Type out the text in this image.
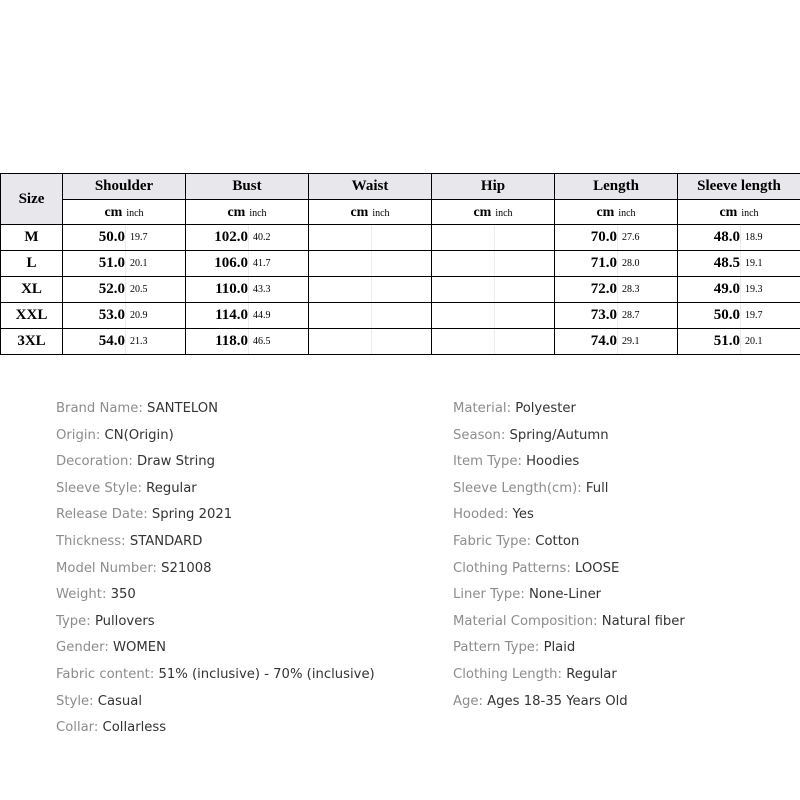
Size	Shoulder	Bust	Waist	Hip	Length	Sleeve length
	cm inch	cm inch	cm inch	cm inch	cm inch	cm inch
M	50.0 19.7	102.0 40.2			70.0 27.6	48.0 18.9

L	51.0 20.1	106.0 41.7			71.0 28.0	48.5 19.1

XL	52.0 20.5	110.0 43.3			72.0 28.3	49.0 19.3

XXL	53.0 20.9	114.0 44.9			73.0 28.7	50.0 19.7

3XL	54.0 21.3	118.0 46.5			74.0 29.1	51.0 20.1
Brand Name: SANTELON
Origin: CN(Origin)
Decoration: Draw String
Sleeve Style: Regular
Release Date: Spring 2021
Thickness: STANDARD
Model Number: S21008
Weight: 350
Type: Pullovers
Gender: WOMEN
Fabric content: 51% (inclusive) - 70% (inclusive)
Style: Casual
Collar: Collarless
Material: Polyester
Season: Spring/Autumn
Item Type: Hoodies
Sleeve Length(cm): Full
Hooded: Yes
Fabric Type: Cotton
Clothing Patterns: LOOSE
Liner Type: None-Liner
Material Composition: Natural fiber
Pattern Type: Plaid
Clothing Length: Regular
Age: Ages 18-35 Years Old
